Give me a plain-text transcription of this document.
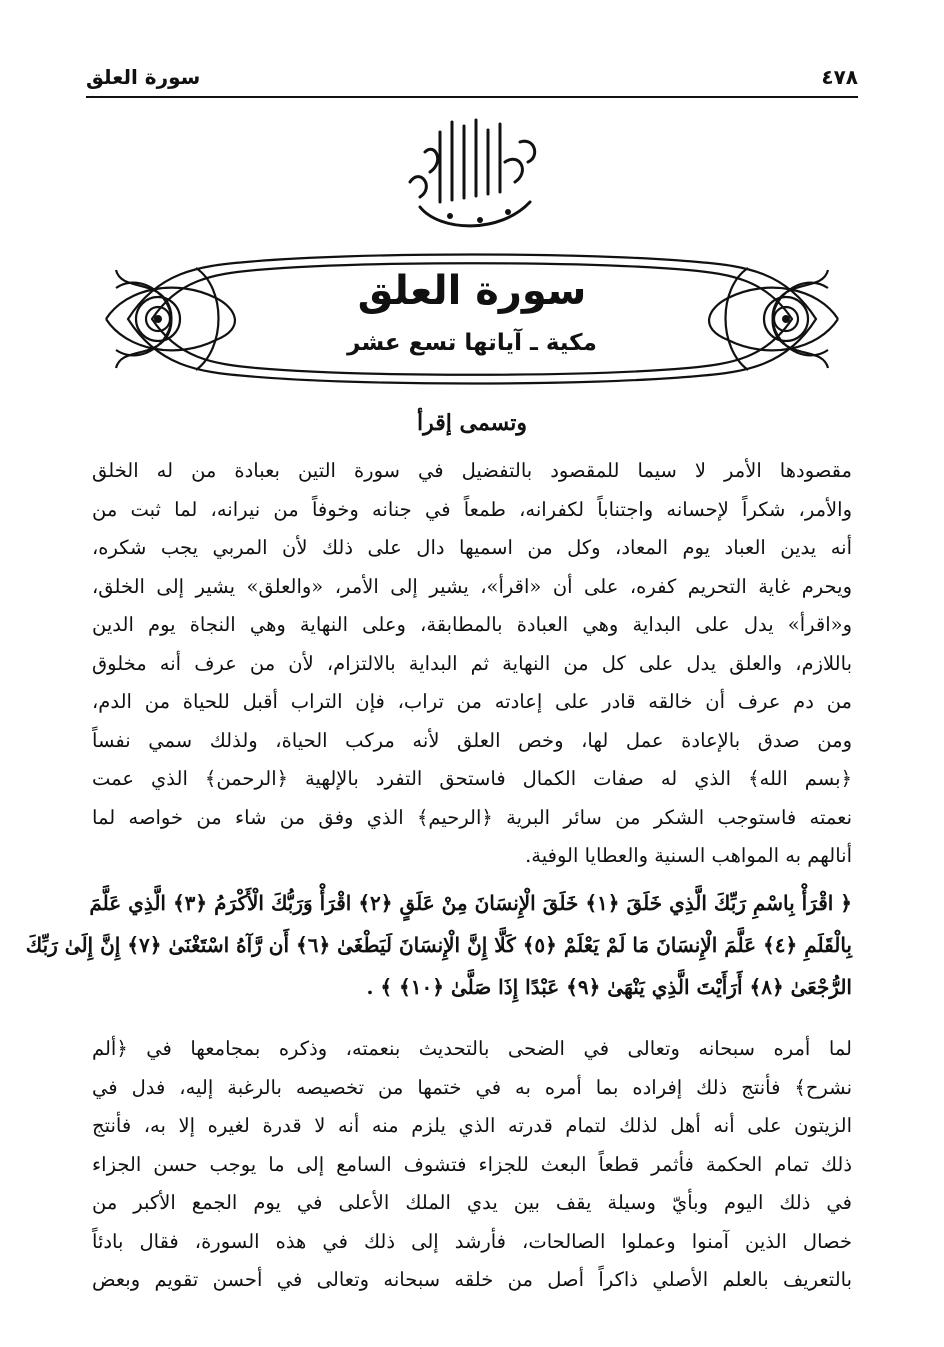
سورة العلق	٤٧٨
سورة العلق
مكية ـ آياتها تسع عشر
وتسمى إقرأ
مقصودها الأمر لا سيما للمقصود بالتفضيل في سورة التين بعبادة من له الخلق
والأمر، شكراً لإحسانه واجتناباً لكفرانه، طمعاً في جنانه وخوفاً من نيرانه، لما ثبت من
أنه يدين العباد يوم المعاد، وكل من اسميها دال على ذلك لأن المربي يجب شكره،
ويحرم غاية التحريم كفره، على أن «اقرأ»، يشير إلى الأمر، «والعلق» يشير إلى الخلق،
و«اقرأ» يدل على البداية وهي العبادة بالمطابقة، وعلى النهاية وهي النجاة يوم الدين
باللازم، والعلق يدل على كل من النهاية ثم البداية بالالتزام، لأن من عرف أنه مخلوق
من دم عرف أن خالقه قادر على إعادته من تراب، فإن التراب أقبل للحياة من الدم،
ومن صدق بالإعادة عمل لها، وخص العلق لأنه مركب الحياة، ولذلك سمي نفساً
﴿بسم الله﴾ الذي له صفات الكمال فاستحق التفرد بالإلهية ﴿الرحمن﴾ الذي عمت
نعمته فاستوجب الشكر من سائر البرية ﴿الرحيم﴾ الذي وفق من شاء من خواصه لما
أنالهم به المواهب السنية والعطايا الوفية.
﴿ اقْرَأْ بِاسْمِ رَبِّكَ الَّذِي خَلَقَ ﴿١﴾ خَلَقَ الْإِنسَانَ مِنْ عَلَقٍ ﴿٢﴾ اقْرَأْ وَرَبُّكَ الْأَكْرَمُ ﴿٣﴾ الَّذِي عَلَّمَ
بِالْقَلَمِ ﴿٤﴾ عَلَّمَ الْإِنسَانَ مَا لَمْ يَعْلَمْ ﴿٥﴾ كَلَّا إِنَّ الْإِنسَانَ لَيَطْغَىٰ ﴿٦﴾ أَن رَّآهُ اسْتَغْنَىٰ ﴿٧﴾ إِنَّ إِلَىٰ رَبِّكَ
الرُّجْعَىٰ ﴿٨﴾ أَرَأَيْتَ الَّذِي يَنْهَىٰ ﴿٩﴾ عَبْدًا إِذَا صَلَّىٰ ﴿١٠﴾ ﴾ .
لما أمره سبحانه وتعالى في الضحى بالتحديث بنعمته، وذكره بمجامعها في ﴿ألم
نشرح﴾ فأنتج ذلك إفراده بما أمره به في ختمها من تخصيصه بالرغبة إليه، فدل في
الزيتون على أنه أهل لذلك لتمام قدرته الذي يلزم منه أنه لا قدرة لغيره إلا به، فأنتج
ذلك تمام الحكمة فأثمر قطعاً البعث للجزاء فتشوف السامع إلى ما يوجب حسن الجزاء
في ذلك اليوم وبأيّ وسيلة يقف بين يدي الملك الأعلى في يوم الجمع الأكبر من
خصال الذين آمنوا وعملوا الصالحات، فأرشد إلى ذلك في هذه السورة، فقال بادئاً
بالتعريف بالعلم الأصلي ذاكراً أصل من خلقه سبحانه وتعالى في أحسن تقويم وبعض
